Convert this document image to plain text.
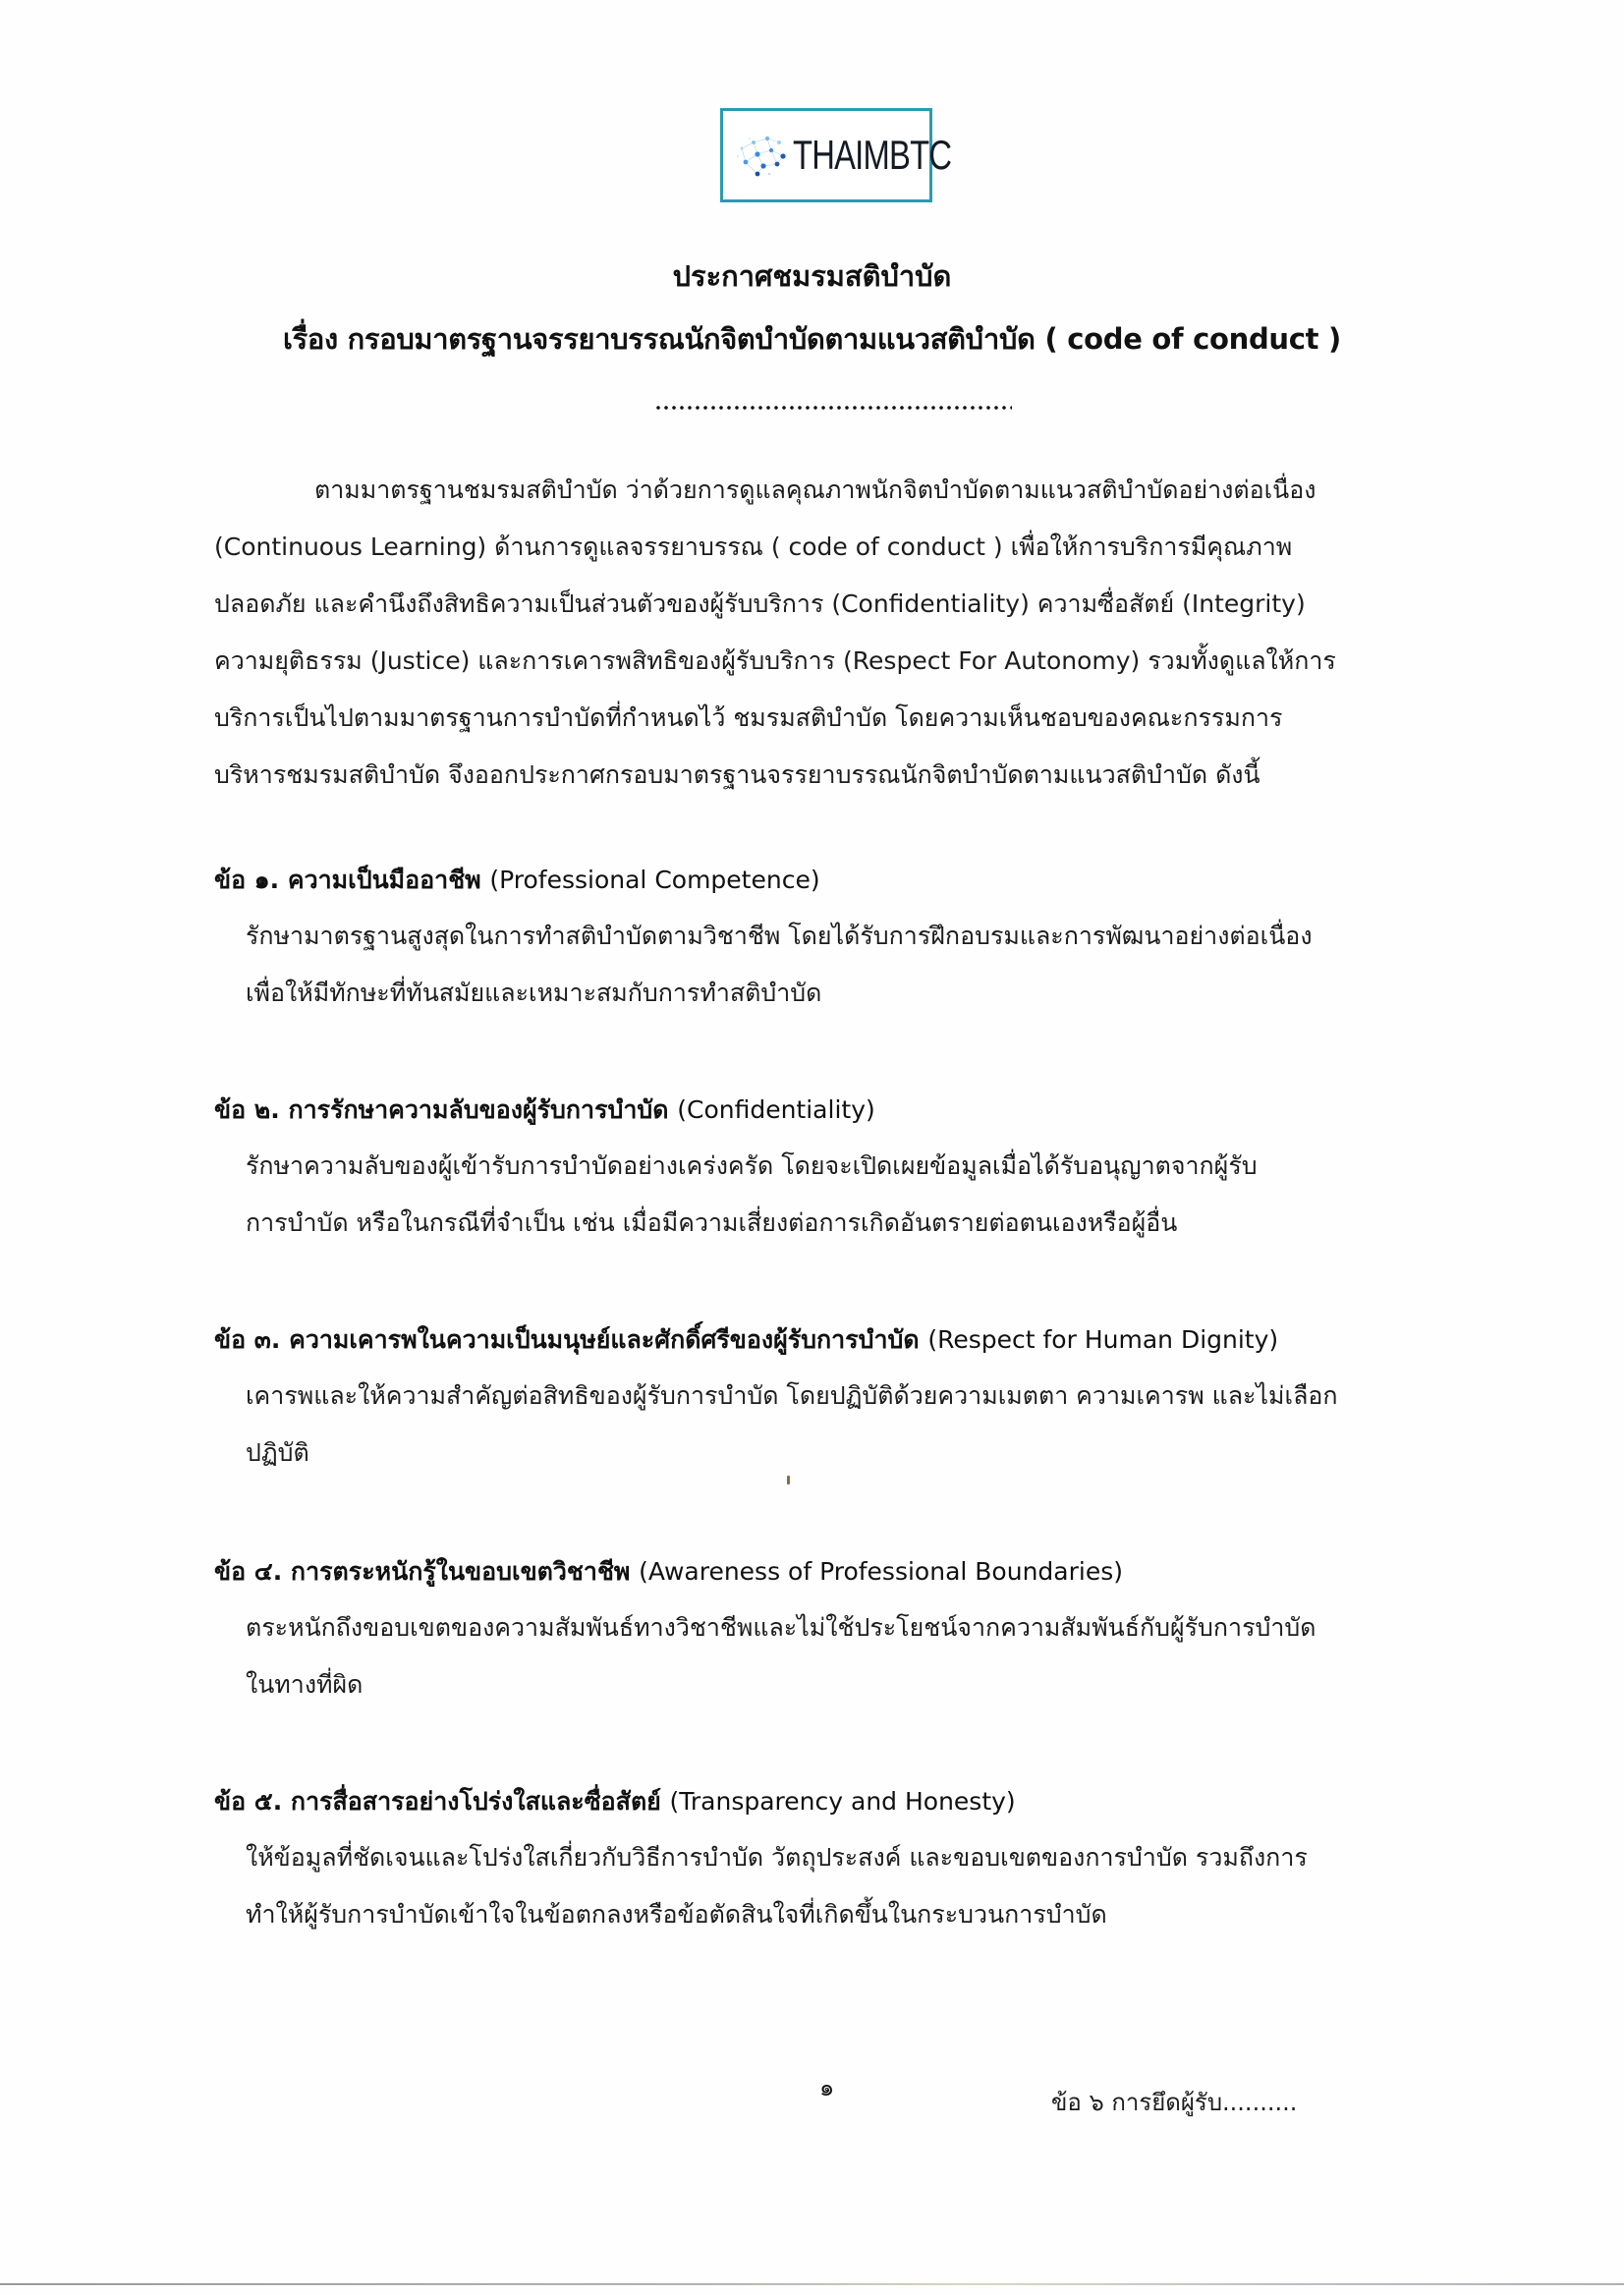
THAIMBTC
ประกาศชมรมสติบำบัด
เรื่อง กรอบมาตรฐานจรรยาบรรณนักจิตบำบัดตามแนวสติบำบัด ( code of conduct )
ตามมาตรฐานชมรมสติบำบัด ว่าด้วยการดูแลคุณภาพนักจิตบำบัดตามแนวสติบำบัดอย่างต่อเนื่อง
(Continuous Learning) ด้านการดูแลจรรยาบรรณ ( code of conduct ) เพื่อให้การบริการมีคุณภาพ
ปลอดภัย และคำนึงถึงสิทธิความเป็นส่วนตัวของผู้รับบริการ (Confidentiality) ความซื่อสัตย์ (Integrity)
ความยุติธรรม (Justice) และการเคารพสิทธิของผู้รับบริการ (Respect For Autonomy) รวมทั้งดูแลให้การ
บริการเป็นไปตามมาตรฐานการบำบัดที่กำหนดไว้ ชมรมสติบำบัด โดยความเห็นชอบของคณะกรรมการ
บริหารชมรมสติบำบัด จึงออกประกาศกรอบมาตรฐานจรรยาบรรณนักจิตบำบัดตามแนวสติบำบัด ดังนี้
ข้อ ๑. ความเป็นมืออาชีพ (Professional Competence)
รักษามาตรฐานสูงสุดในการทำสติบำบัดตามวิชาชีพ โดยได้รับการฝึกอบรมและการพัฒนาอย่างต่อเนื่อง
เพื่อให้มีทักษะที่ทันสมัยและเหมาะสมกับการทำสติบำบัด
ข้อ ๒. การรักษาความลับของผู้รับการบำบัด (Confidentiality)
รักษาความลับของผู้เข้ารับการบำบัดอย่างเคร่งครัด โดยจะเปิดเผยข้อมูลเมื่อได้รับอนุญาตจากผู้รับ
การบำบัด หรือในกรณีที่จำเป็น เช่น เมื่อมีความเสี่ยงต่อการเกิดอันตรายต่อตนเองหรือผู้อื่น
ข้อ ๓. ความเคารพในความเป็นมนุษย์และศักดิ์ศรีของผู้รับการบำบัด (Respect for Human Dignity)
เคารพและให้ความสำคัญต่อสิทธิของผู้รับการบำบัด โดยปฏิบัติด้วยความเมตตา ความเคารพ และไม่เลือก
ปฏิบัติ
ข้อ ๔. การตระหนักรู้ในขอบเขตวิชาชีพ (Awareness of Professional Boundaries)
ตระหนักถึงขอบเขตของความสัมพันธ์ทางวิชาชีพและไม่ใช้ประโยชน์จากความสัมพันธ์กับผู้รับการบำบัด
ในทางที่ผิด
ข้อ ๕. การสื่อสารอย่างโปร่งใสและซื่อสัตย์ (Transparency and Honesty)
ให้ข้อมูลที่ชัดเจนและโปร่งใสเกี่ยวกับวิธีการบำบัด วัตถุประสงค์ และขอบเขตของการบำบัด รวมถึงการ
ทำให้ผู้รับการบำบัดเข้าใจในข้อตกลงหรือข้อตัดสินใจที่เกิดขึ้นในกระบวนการบำบัด
๑
ข้อ ๖ การยึดผู้รับ..........
